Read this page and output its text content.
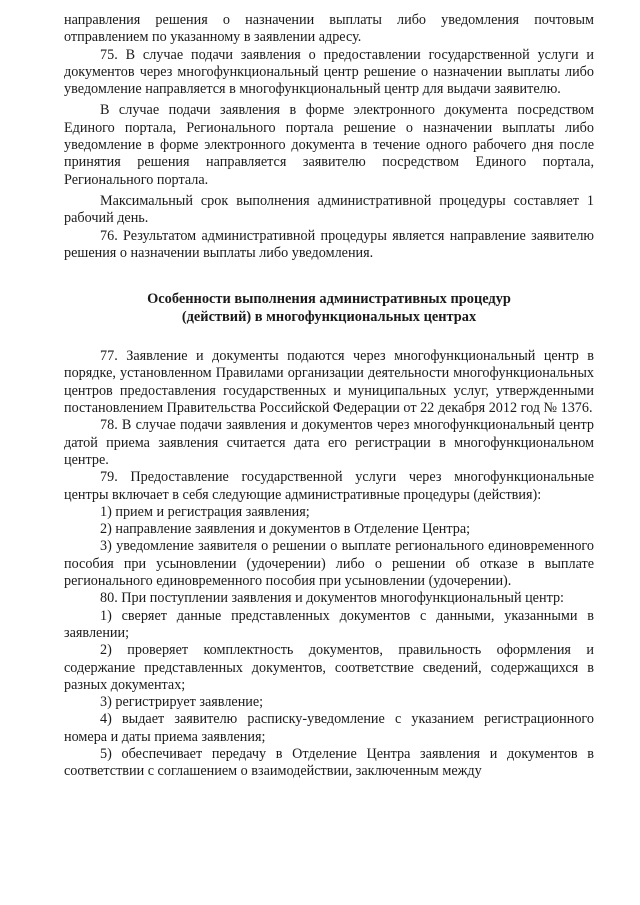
направления решения о назначении выплаты либо уведомления почтовым отправлением по указанному в заявлении адресу.

75. В случае подачи заявления о предоставлении государственной услуги и документов через многофункциональный центр решение о назначении выплаты либо уведомление направляется в многофункциональный центр для выдачи заявителю.

В случае подачи заявления в форме электронного документа посредством Единого портала, Регионального портала решение о назначении выплаты либо уведомление в форме электронного документа в течение одного рабочего дня после принятия решения направляется заявителю посредством Единого портала, Регионального портала.

Максимальный срок выполнения административной процедуры составляет 1 рабочий день.

76. Результатом административной процедуры является направление заявителю решения о назначении выплаты либо уведомления.

Особенности выполнения административных процедур
(действий) в многофункциональных центрах

77. Заявление и документы подаются через многофункциональный центр в порядке, установленном Правилами организации деятельности многофункциональных центров предоставления государственных и муниципальных услуг, утвержденными постановлением Правительства Российской Федерации от 22 декабря 2012 год № 1376.

78. В случае подачи заявления и документов через многофункциональный центр датой приема заявления считается дата его регистрации в многофункциональном центре.

79. Предоставление государственной услуги через многофункциональные центры включает в себя следующие административные процедуры (действия):

1) прием и регистрация заявления;

2) направление заявления и документов в Отделение Центра;

3) уведомление заявителя о решении о выплате регионального единовременного пособия при усыновлении (удочерении) либо о решении об отказе в выплате регионального единовременного пособия при усыновлении (удочерении).

80. При поступлении заявления и документов многофункциональный центр:

1) сверяет данные представленных документов с данными, указанными в заявлении;

2) проверяет комплектность документов, правильность оформления и содержание представленных документов, соответствие сведений, содержащихся в разных документах;

3) регистрирует заявление;

4) выдает заявителю расписку-уведомление с указанием регистрационного номера и даты приема заявления;

5) обеспечивает передачу в Отделение Центра заявления и документов в соответствии с соглашением о взаимодействии, заключенным между
